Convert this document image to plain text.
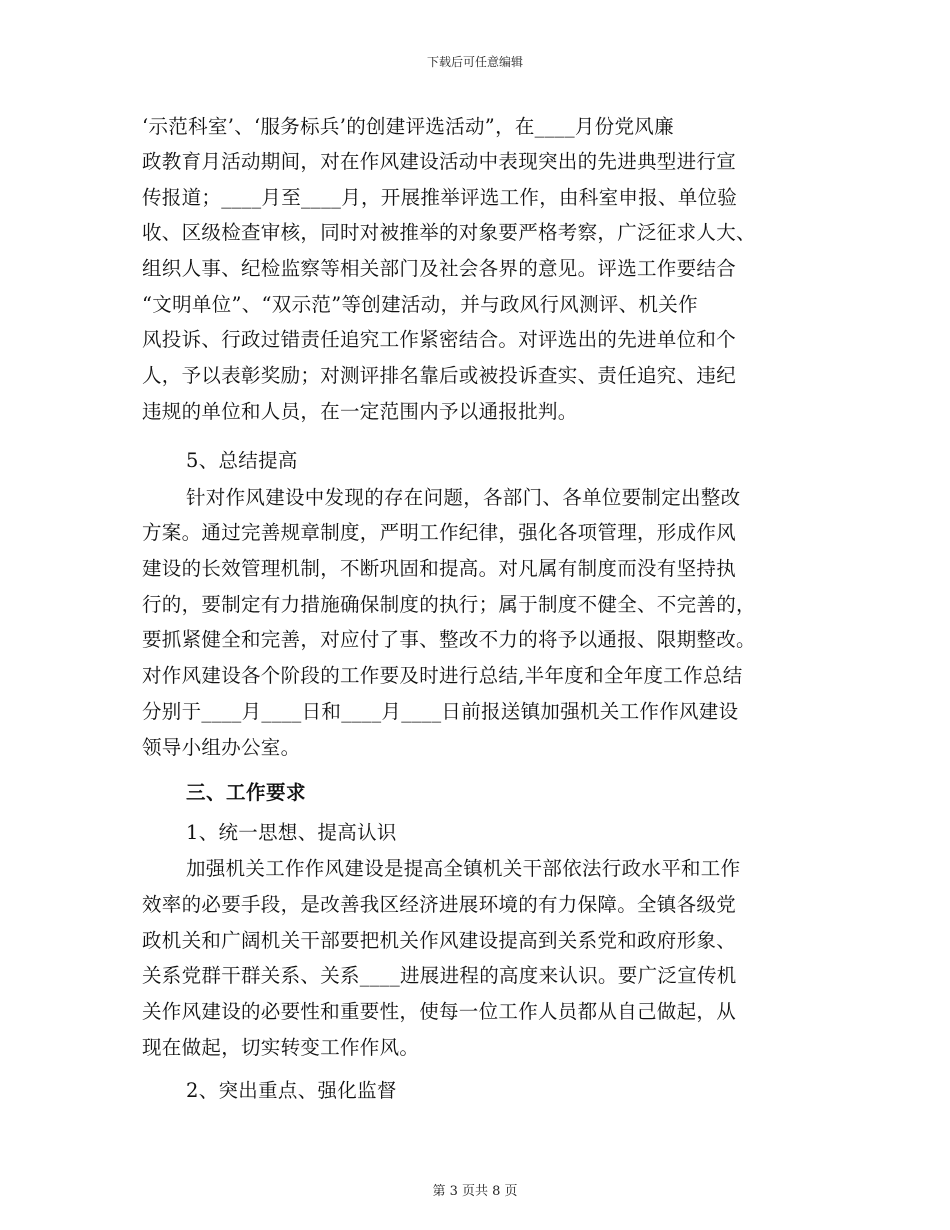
下载后可任意编辑
‘示范科室’、‘服务标兵’的创建评选活动”，在____月份党风廉
政教育月活动期间，对在作风建设活动中表现突出的先进典型进行宣
传报道；____月至____月，开展推举评选工作，由科室申报、单位验
收、区级检查审核，同时对被推举的对象要严格考察，广泛征求人大、
组织人事、纪检监察等相关部门及社会各界的意见。评选工作要结合
“文明单位”、“双示范”等创建活动，并与政风行风测评、机关作
风投诉、行政过错责任追究工作紧密结合。对评选出的先进单位和个
人，予以表彰奖励；对测评排名靠后或被投诉查实、责任追究、违纪
违规的单位和人员，在一定范围内予以通报批判。
5、总结提高
针对作风建设中发现的存在问题，各部门、各单位要制定出整改
方案。通过完善规章制度，严明工作纪律，强化各项管理，形成作风
建设的长效管理机制，不断巩固和提高。对凡属有制度而没有坚持执
行的，要制定有力措施确保制度的执行；属于制度不健全、不完善的，
要抓紧健全和完善，对应付了事、整改不力的将予以通报、限期整改。
对作风建设各个阶段的工作要及时进行总结,半年度和全年度工作总结
分别于____月____日和____月____日前报送镇加强机关工作作风建设
领导小组办公室。
三、工作要求
1、统一思想、提高认识
加强机关工作作风建设是提高全镇机关干部依法行政水平和工作
效率的必要手段，是改善我区经济进展环境的有力保障。全镇各级党
政机关和广阔机关干部要把机关作风建设提高到关系党和政府形象、
关系党群干群关系、关系____进展进程的高度来认识。要广泛宣传机
关作风建设的必要性和重要性，使每一位工作人员都从自己做起，从
现在做起，切实转变工作作风。
2、突出重点、强化监督
第 3 页共 8 页
